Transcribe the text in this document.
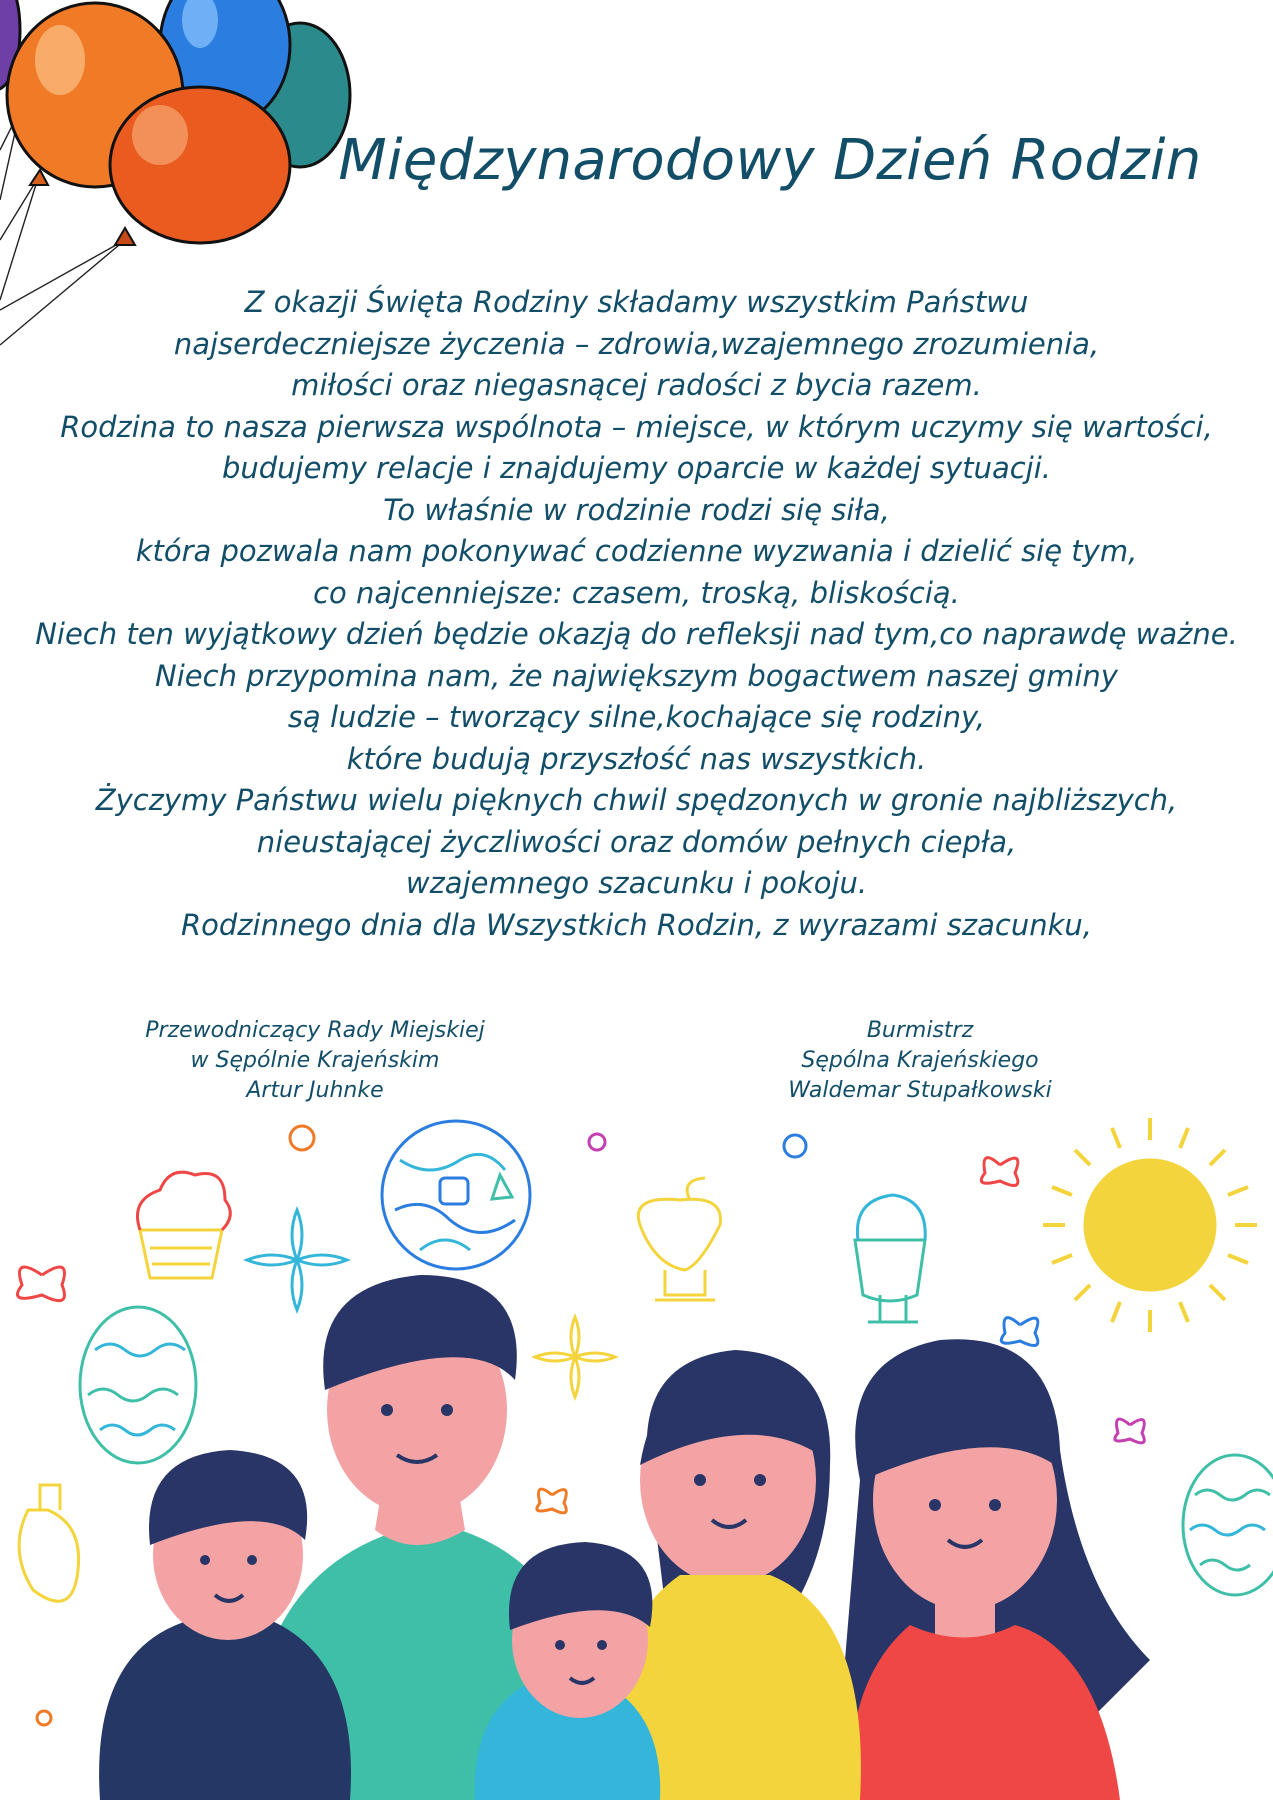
Międzynarodowy Dzień Rodzin
Z okazji Święta Rodziny składamy wszystkim Państwu
najserdeczniejsze życzenia – zdrowia,wzajemnego zrozumienia,
miłości oraz niegasnącej radości z bycia razem.
Rodzina to nasza pierwsza wspólnota – miejsce, w którym uczymy się wartości,
budujemy relacje i znajdujemy oparcie w każdej sytuacji.
To właśnie w rodzinie rodzi się siła,
która pozwala nam pokonywać codzienne wyzwania i dzielić się tym,
co najcenniejsze: czasem, troską, bliskością.
Niech ten wyjątkowy dzień będzie okazją do refleksji nad tym,co naprawdę ważne.
Niech przypomina nam, że największym bogactwem naszej gminy
są ludzie – tworzący silne,kochające się rodziny,
które budują przyszłość nas wszystkich.
Życzymy Państwu wielu pięknych chwil spędzonych w gronie najbliższych,
nieustającej życzliwości oraz domów pełnych ciepła,
wzajemnego szacunku i pokoju.
Rodzinnego dnia dla Wszystkich Rodzin, z wyrazami szacunku,
Przewodniczący Rady Miejskiej
w Sępólnie Krajeńskim
Artur Juhnke
Burmistrz
Sępólna Krajeńskiego
Waldemar Stupałkowski
